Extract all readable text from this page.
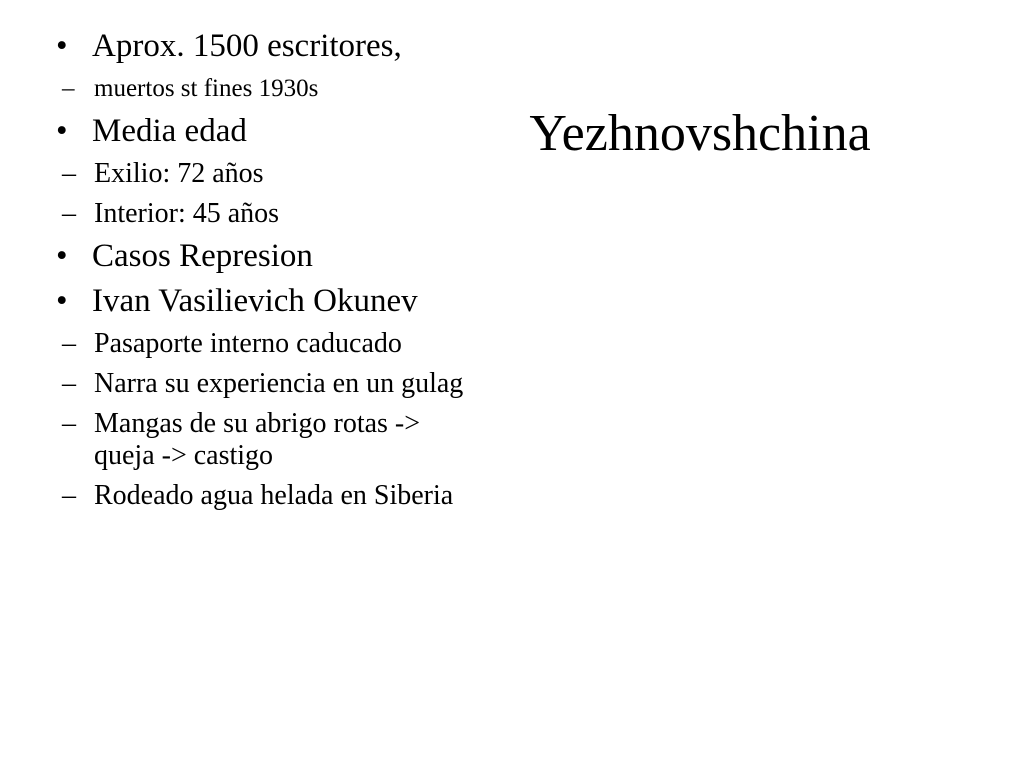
Yezhnovshchina
• Aprox. 1500 escritores,
– muertos st fines 1930s
• Media edad
– Exilio: 72 años
– Interior: 45 años
• Casos Represion
• Ivan Vasilievich Okunev
– Pasaporte interno caducado
– Narra su experiencia en un gulag
– Mangas de su abrigo rotas -> queja -> castigo
– Rodeado agua helada en Siberia
